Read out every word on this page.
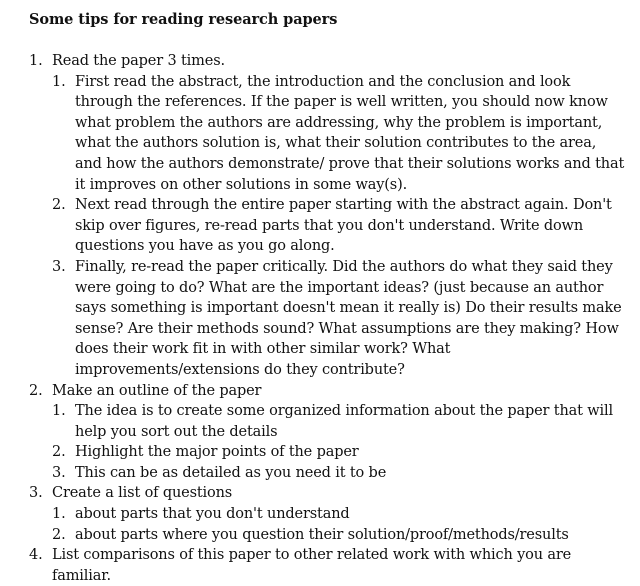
Some tips for reading research papers
1. Read the paper 3 times.
1. First read the abstract, the introduction and the conclusion and look through the references. If the paper is well written, you should now know what problem the authors are addressing, why the problem is important, what the authors solution is, what their solution contributes to the area, and how the authors demonstrate/ prove that their solutions works and that it improves on other solutions in some way(s).
2. Next read through the entire paper starting with the abstract again. Don't skip over figures, re-read parts that you don't understand. Write down questions you have as you go along.
3. Finally, re-read the paper critically. Did the authors do what they said they were going to do? What are the important ideas? (just because an author says something is important doesn't mean it really is) Do their results make sense? Are their methods sound? What assumptions are they making? How does their work fit in with other similar work? What improvements/extensions do they contribute?
2. Make an outline of the paper
1. The idea is to create some organized information about the paper that will help you sort out the details
2. Highlight the major points of the paper
3. This can be as detailed as you need it to be
3. Create a list of questions
1. about parts that you don't understand
2. about parts where you question their solution/proof/methods/results
4. List comparisons of this paper to other related work with which you are familiar.
